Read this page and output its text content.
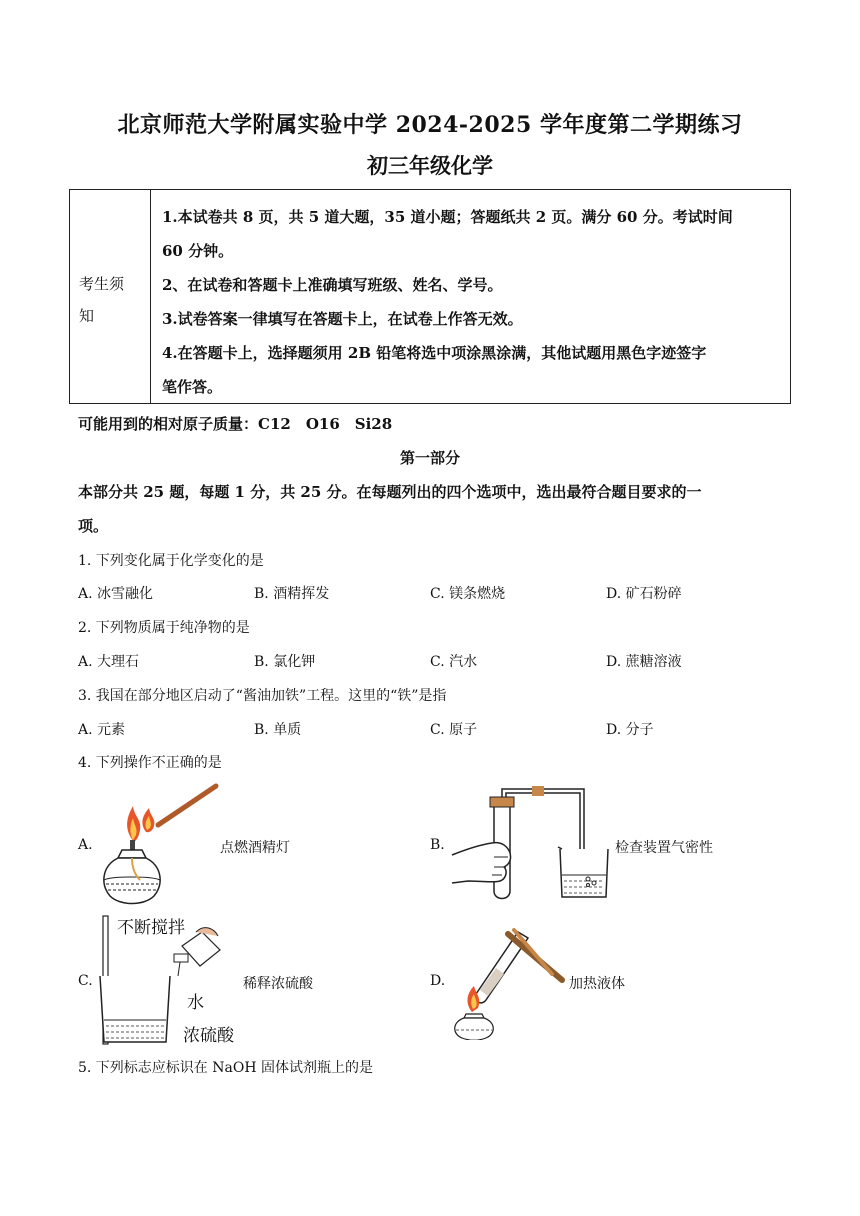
北京师范大学附属实验中学 2024-2025 学年度第二学期练习
初三年级化学
考生须
知
1.本试卷共 8 页，共 5 道大题，35 道小题；答题纸共 2 页。满分 60 分。考试时间
60 分钟。
2、在试卷和答题卡上准确填写班级、姓名、学号。
3.试卷答案一律填写在答题卡上，在试卷上作答无效。
4.在答题卡上，选择题须用 2B 铅笔将选中项涂黑涂满，其他试题用黑色字迹签字
笔作答。
可能用到的相对原子质量：C12　O16　Si28
第一部分
本部分共 25 题，每题 1 分，共 25 分。在每题列出的四个选项中，选出最符合题目要求的一
项。
1. 下列变化属于化学变化的是
A. 冰雪融化	B. 酒精挥发	C. 镁条燃烧	D. 矿石粉碎
2. 下列物质属于纯净物的是
A. 大理石	B. 氯化钾	C. 汽水	D. 蔗糖溶液
3. 我国在部分地区启动了“酱油加铁”工程。这里的“铁”是指
A. 元素	B. 单质	C. 原子	D. 分子
4. 下列操作不正确的是
A.	点燃酒精灯	B.	检查装置气密性
C.
不断搅拌
水
浓硫酸
稀释浓硫酸	D.	加热液体
5. 下列标志应标识在 NaOH 固体试剂瓶上的是
